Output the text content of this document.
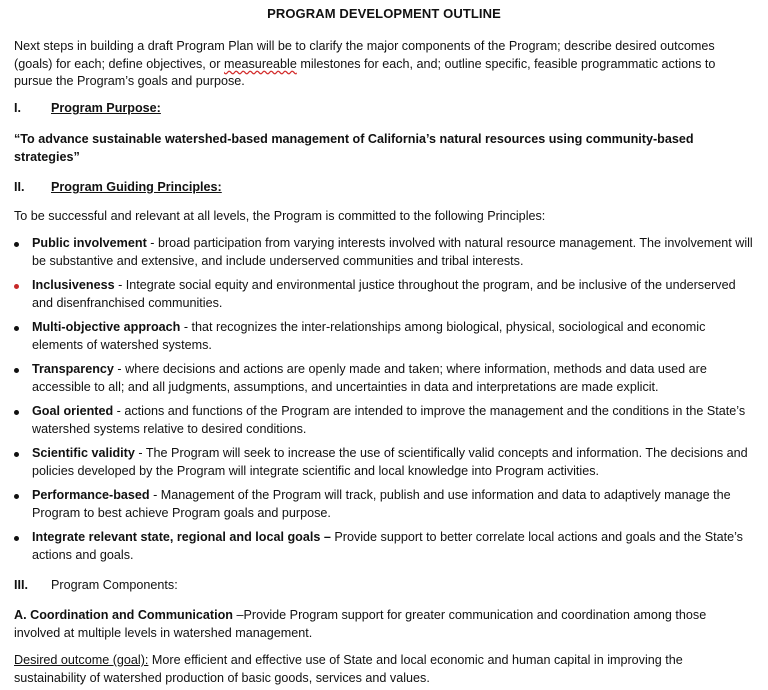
PROGRAM DEVELOPMENT OUTLINE
Next steps in building a draft Program Plan will be to clarify the major components of the Program; describe desired outcomes (goals) for each; define objectives, or measureable milestones for each, and; outline specific, feasible programmatic actions to pursue the Program’s goals and purpose.
I. Program Purpose:
“To advance sustainable watershed-based management of California’s natural resources using community-based strategies”
II. Program Guiding Principles:
To be successful and relevant at all levels, the Program is committed to the following Principles:
Public involvement - broad participation from varying interests involved with natural resource management. The involvement will be substantive and extensive, and include underserved communities and tribal interests.
Inclusiveness - Integrate social equity and environmental justice throughout the program, and be inclusive of the underserved and disenfranchised communities.
Multi-objective approach - that recognizes the inter-relationships among biological, physical, sociological and economic elements of watershed systems.
Transparency - where decisions and actions are openly made and taken; where information, methods and data used are accessible to all; and all judgments, assumptions, and uncertainties in data and interpretations are made explicit.
Goal oriented - actions and functions of the Program are intended to improve the management and the conditions in the State’s watershed systems relative to desired conditions.
Scientific validity - The Program will seek to increase the use of scientifically valid concepts and information. The decisions and policies developed by the Program will integrate scientific and local knowledge into Program activities.
Performance-based - Management of the Program will track, publish and use information and data to adaptively manage the Program to best achieve Program goals and purpose.
Integrate relevant state, regional and local goals – Provide support to better correlate local actions and goals and the State’s actions and goals.
III. Program Components:
A. Coordination and Communication –Provide Program support for greater communication and coordination among those involved at multiple levels in watershed management.
Desired outcome (goal): More efficient and effective use of State and local economic and human capital in improving the sustainability of watershed production of basic goods, services and values.
